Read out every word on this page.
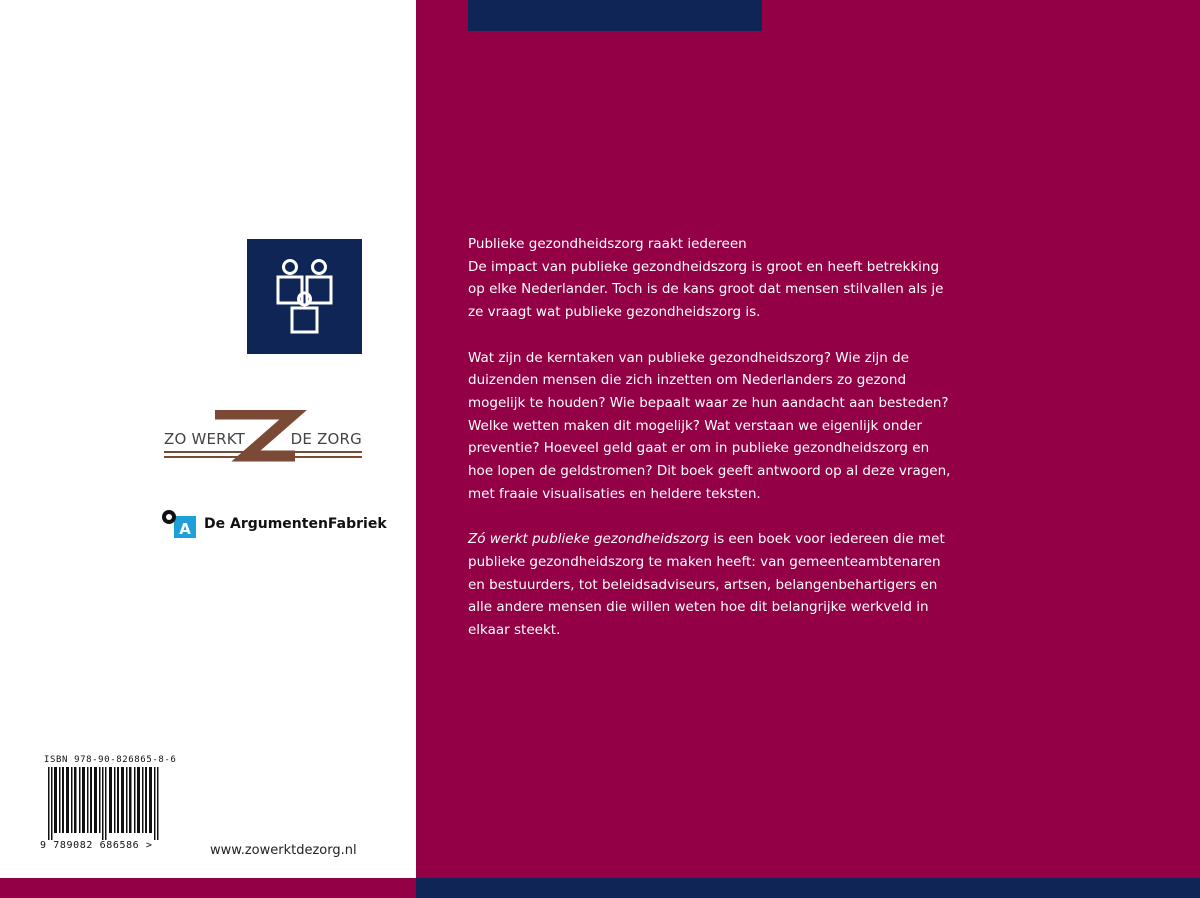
ZO WERKT	DE ZORG
A De ArgumentenFabriek
ISBN 978-90-826865-8-6
9 789082 686586 >	www.zowerktdezorg.nl

Publieke gezondheidszorg raakt iedereen

De impact van publieke gezondheidszorg is groot en heeft betrekking

op elke Nederlander. Toch is de kans groot dat mensen stilvallen als je

ze vraagt wat publieke gezondheidszorg is.

Wat zijn de kerntaken van publieke gezondheidszorg? Wie zijn de

duizenden mensen die zich inzetten om Nederlanders zo gezond

mogelijk te houden? Wie bepaalt waar ze hun aandacht aan besteden?

Welke wetten maken dit mogelijk? Wat verstaan we eigenlijk onder

preventie? Hoeveel geld gaat er om in publieke gezondheidszorg en

hoe lopen de geldstromen? Dit boek geeft antwoord op al deze vragen,

met fraaie visualisaties en heldere teksten.

Zó werkt publieke gezondheidszorg is een boek voor iedereen die met

publieke gezondheidszorg te maken heeft: van gemeenteambtenaren

en bestuurders, tot beleidsadviseurs, artsen, belangenbehartigers en

alle andere mensen die willen weten hoe dit belangrijke werkveld in

elkaar steekt.
